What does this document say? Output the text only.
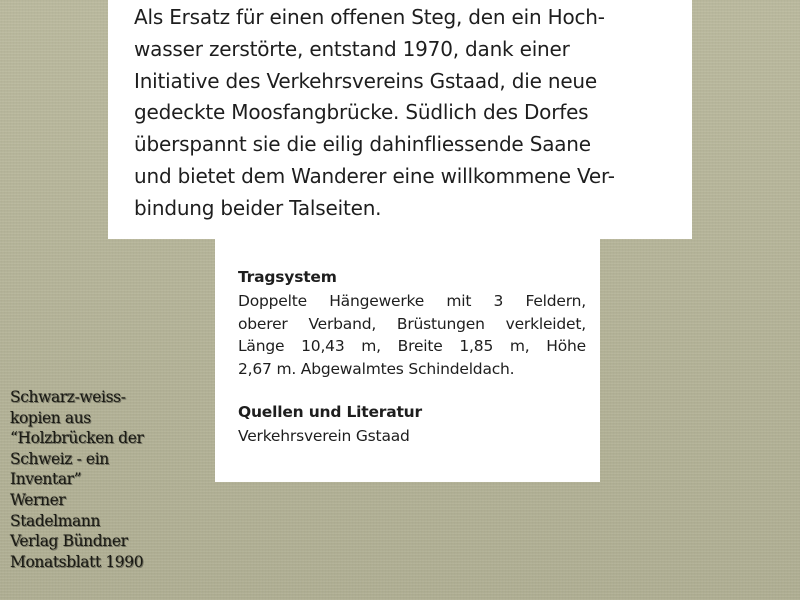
Als Ersatz für einen offenen Steg, den ein Hoch-

wasser zerstörte, entstand 1970, dank einer

Initiative des Verkehrsvereins Gstaad, die neue

gedeckte Moosfangbrücke. Südlich des Dorfes

überspannt sie die eilig dahinfliessende Saane

und bietet dem Wanderer eine willkommene Ver-

bindung beider Talseiten.

Tragsystem
Doppelte Hängewerke mit 3 Feldern,
oberer Verband, Brüstungen verkleidet,
Länge 10,43 m, Breite 1,85 m, Höhe
2,67 m. Abgewalmtes Schindeldach.
Quellen und Literatur
Verkehrsverein Gstaad
Schwarz-weiss-
kopien aus
“Holzbrücken der
Schweiz - ein
Inventar”
Werner
Stadelmann
Verlag Bündner
Monatsblatt 1990
